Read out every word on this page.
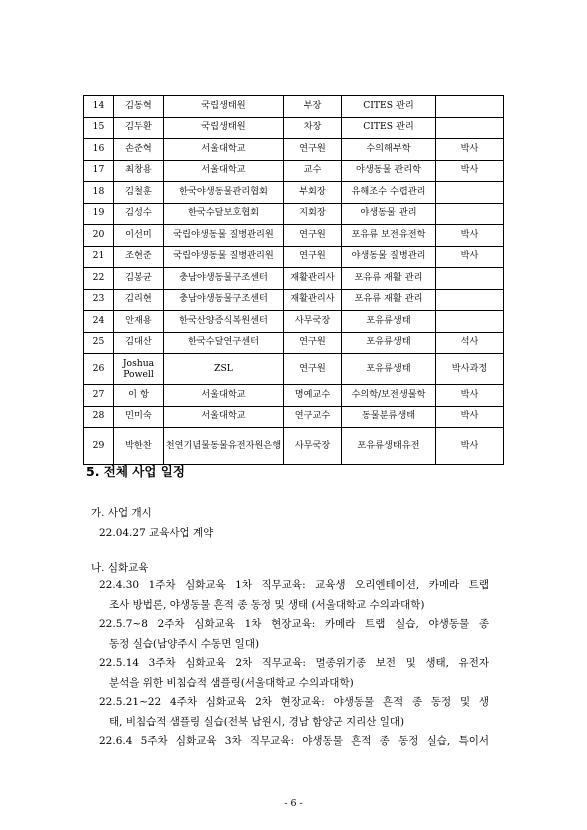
14	김동혁	국립생태원	부장	CITES 관리	
15	김두환	국립생태원	차장	CITES 관리	
16	손준혁	서울대학교	연구원	수의해부학	박사
17	최창용	서울대학교	교수	야생동물 관리학	박사
18	김철훈	한국야생동물관리협회	부회장	유해조수 수렵관리	
19	김성수	한국수달보호협회	지회장	야생동물 관리	
20	이선미	국립야생동물 질병관리원	연구원	포유류 보전유전학	박사
21	조현준	국립야생동물 질병관리원	연구원	야생동물 질병관리	박사
22	김봉균	충남야생동물구조센터	재활관리사	포유류 재활 관리	
23	김리현	충남야생동물구조센터	재활관리사	포유류 재활 관리	
24	안재용	한국산양증식복원센터	사무국장	포유류생태	
25	김대산	한국수달연구센터	연구원	포유류생태	석사
26	Joshua Powell	ZSL	연구원	포유류생태	박사과정
27	이 항	서울대학교	명예교수	수의학/보전생물학	박사
28	민미숙	서울대학교	연구교수	동물분류생태	박사
29	박한찬	천연기념물동물유전자원은행	사무국장	포유류생태유전	박사
5. 전체 사업 일정

가. 사업 개시

22.04.27 교육사업 계약

나. 심화교육

22.4.30 1주차 심화교육 1차 직무교육: 교육생 오리엔테이션, 카메라 트랩

조사 방법론, 야생동물 흔적 종 동정 및 생태 (서울대학교 수의과대학)

22.5.7~8 2주차 심화교육 1차 현장교육: 카메라 트랩 실습, 야생동물 종

동정 실습(남양주시 수동면 일대)

22.5.14 3주차 심화교육 2차 직무교육: 멸종위기종 보전 및 생태, 유전자

분석을 위한 비침습적 샘플링(서울대학교 수의과대학)

22.5.21~22 4주차 심화교육 2차 현장교육: 야생동물 흔적 종 동정 및 생

태, 비침습적 샘플링 실습(전북 남원시, 경남 함양군 지리산 일대)

22.6.4 5주차 심화교육 3차 직무교육: 야생동물 흔적 종 동정 실습, 특이서

- 6 -
